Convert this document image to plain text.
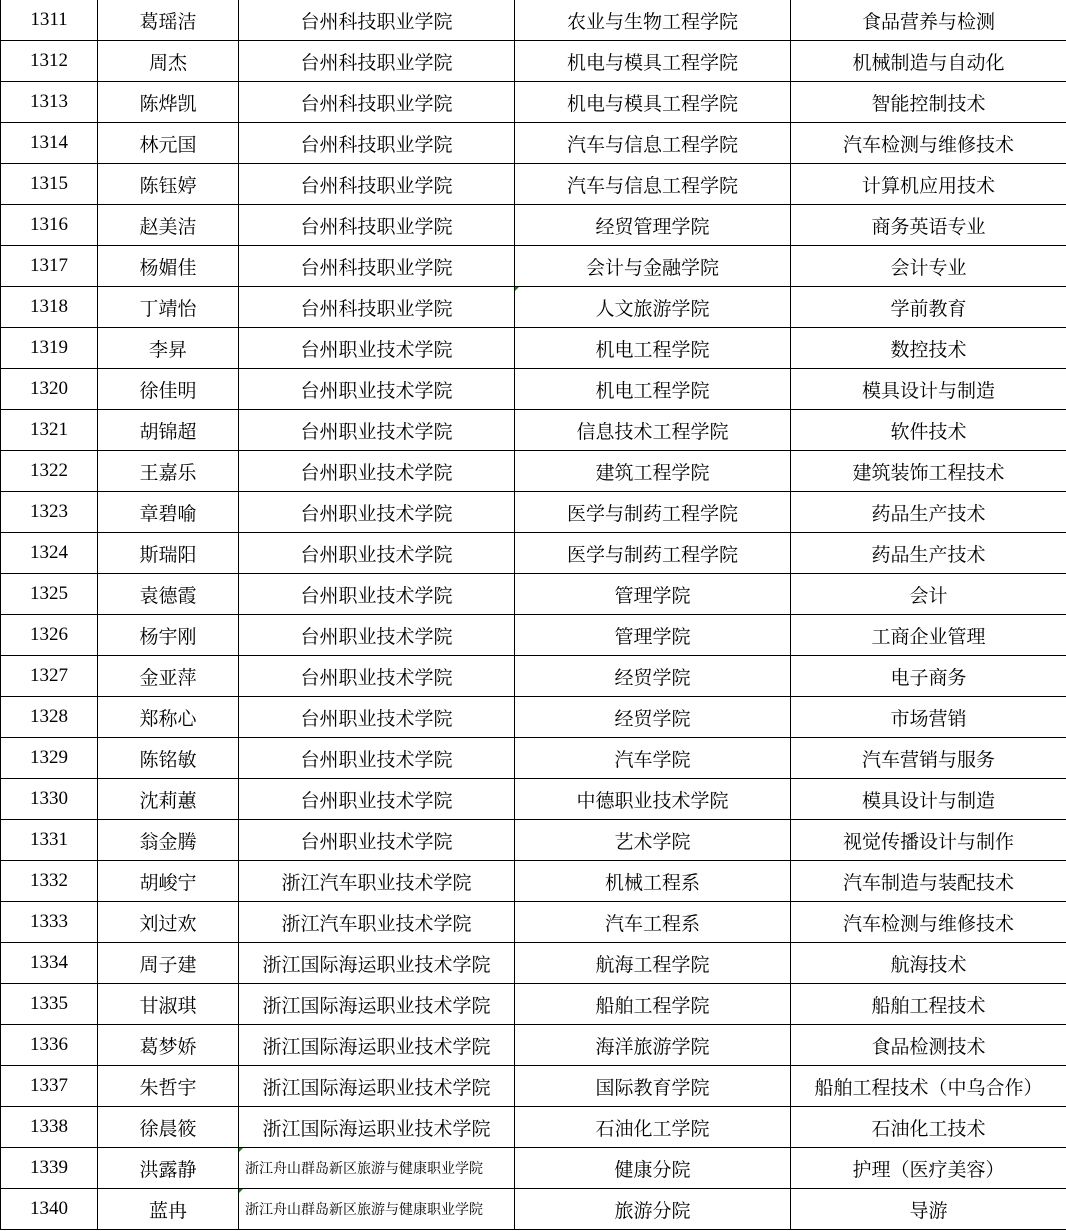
1311	葛瑶洁	台州科技职业学院	农业与生物工程学院	食品营养与检测
1312	周杰	台州科技职业学院	机电与模具工程学院	机械制造与自动化
1313	陈烨凯	台州科技职业学院	机电与模具工程学院	智能控制技术
1314	林元国	台州科技职业学院	汽车与信息工程学院	汽车检测与维修技术
1315	陈钰婷	台州科技职业学院	汽车与信息工程学院	计算机应用技术
1316	赵美洁	台州科技职业学院	经贸管理学院	商务英语专业
1317	杨媚佳	台州科技职业学院	会计与金融学院	会计专业
1318	丁靖怡	台州科技职业学院	人文旅游学院	学前教育
1319	李昇	台州职业技术学院	机电工程学院	数控技术
1320	徐佳明	台州职业技术学院	机电工程学院	模具设计与制造
1321	胡锦超	台州职业技术学院	信息技术工程学院	软件技术
1322	王嘉乐	台州职业技术学院	建筑工程学院	建筑装饰工程技术
1323	章碧喻	台州职业技术学院	医学与制药工程学院	药品生产技术
1324	斯瑞阳	台州职业技术学院	医学与制药工程学院	药品生产技术
1325	袁德霞	台州职业技术学院	管理学院	会计
1326	杨宇刚	台州职业技术学院	管理学院	工商企业管理
1327	金亚萍	台州职业技术学院	经贸学院	电子商务
1328	郑称心	台州职业技术学院	经贸学院	市场营销
1329	陈铭敏	台州职业技术学院	汽车学院	汽车营销与服务
1330	沈莉蕙	台州职业技术学院	中德职业技术学院	模具设计与制造
1331	翁金腾	台州职业技术学院	艺术学院	视觉传播设计与制作
1332	胡峻宁	浙江汽车职业技术学院	机械工程系	汽车制造与装配技术
1333	刘过欢	浙江汽车职业技术学院	汽车工程系	汽车检测与维修技术
1334	周子建	浙江国际海运职业技术学院	航海工程学院	航海技术
1335	甘淑琪	浙江国际海运职业技术学院	船舶工程学院	船舶工程技术
1336	葛梦娇	浙江国际海运职业技术学院	海洋旅游学院	食品检测技术
1337	朱哲宇	浙江国际海运职业技术学院	国际教育学院	船舶工程技术（中乌合作）
1338	徐晨筱	浙江国际海运职业技术学院	石油化工学院	石油化工技术
1339	洪露静	浙江舟山群岛新区旅游与健康职业学院	健康分院	护理（医疗美容）
1340	蓝冉	浙江舟山群岛新区旅游与健康职业学院	旅游分院	导游
